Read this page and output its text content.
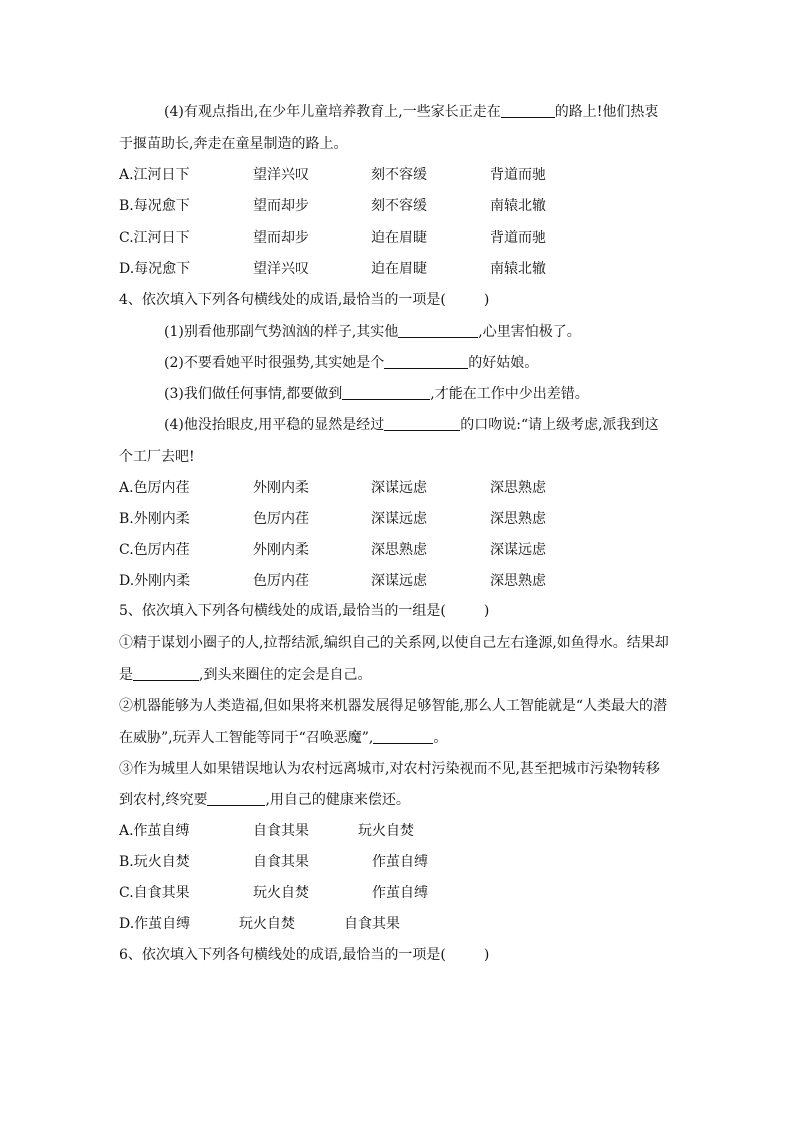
(4)有观点指出,在少年儿童培养教育上,一些家长正走在	的路上!他们热衷
于揠苗助长,奔走在童星制造的路上。
A.江河日下	望洋兴叹	刻不容缓	背道而驰
B.每况愈下	望而却步	刻不容缓	南辕北辙
C.江河日下	望而却步	迫在眉睫	背道而驰
D.每况愈下	望洋兴叹	迫在眉睫	南辕北辙
4、依次填入下列各句横线处的成语,最恰当的一项是(	)
(1)别看他那副气势汹汹的样子,其实他	,心里害怕极了。
(2)不要看她平时很强势,其实她是个	的好姑娘。
(3)我们做任何事情,都要做到	,才能在工作中少出差错。
(4)他没抬眼皮,用平稳的显然是经过	的口吻说:“请上级考虑,派我到这
个工厂去吧!
A.色厉内荏	外刚内柔	深谋远虑	深思熟虑
B.外刚内柔	色厉内荏	深谋远虑	深思熟虑
C.色厉内荏	外刚内柔	深思熟虑	深谋远虑
D.外刚内柔	色厉内荏	深谋远虑	深思熟虑
5、依次填入下列各句横线处的成语,最恰当的一组是(	)
①精于谋划小圈子的人,拉帮结派,编织自己的关系网,以使自己左右逢源,如鱼得水。结果却
是	,到头来圈住的定会是自己。
②机器能够为人类造福,但如果将来机器发展得足够智能,那么人工智能就是“人类最大的潜
在威胁”,玩弄人工智能等同于“召唤恶魔”,	。
③作为城里人如果错误地认为农村远离城市,对农村污染视而不见,甚至把城市污染物转移
到农村,终究要	,用自己的健康来偿还。
A.作茧自缚	自食其果	玩火自焚
B.玩火自焚	自食其果	作茧自缚
C.自食其果	玩火自焚	作茧自缚
D.作茧自缚	玩火自焚	自食其果
6、依次填入下列各句横线处的成语,最恰当的一项是(	)
